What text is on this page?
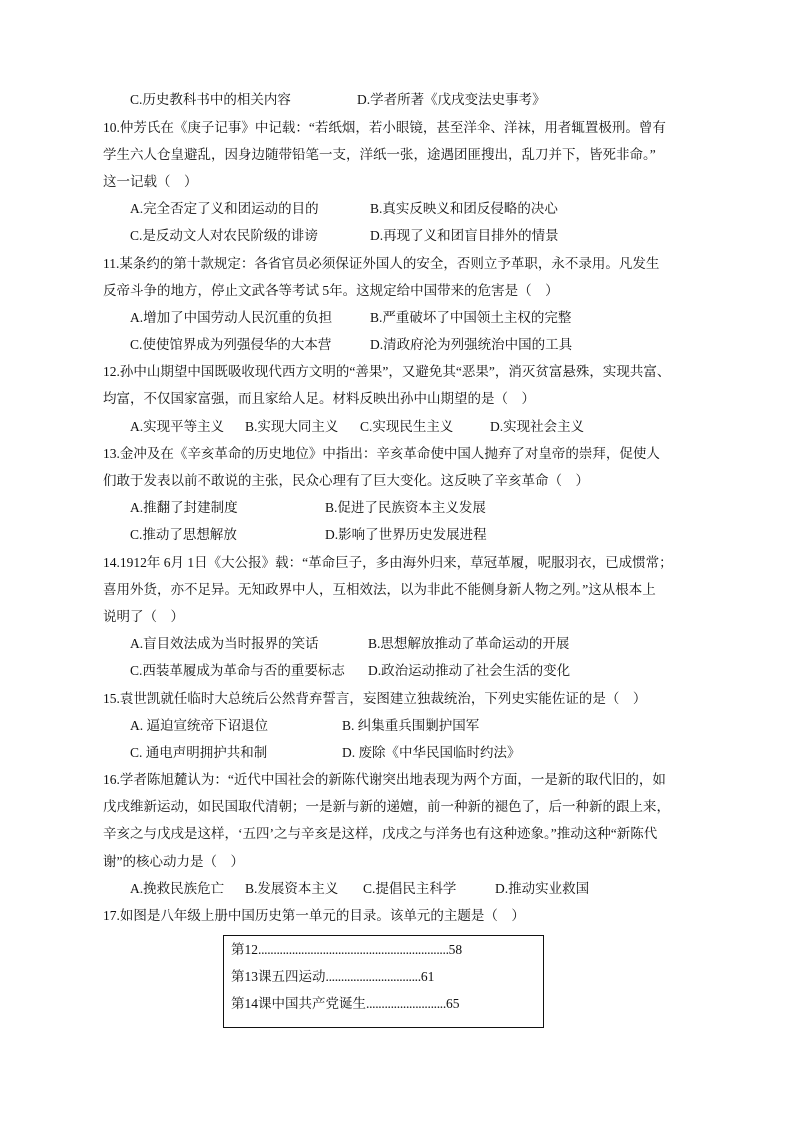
C.历史教科书中的相关内容	D.学者所著《戊戌变法史事考》
10.仲芳氏在《庚子记事》中记载：“若纸烟，若小眼镜，甚至洋伞、洋袜，用者辄置极刑。曾有
学生六人仓皇避乱，因身边随带铅笔一支，洋纸一张，途遇团匪搜出，乱刀并下，皆死非命。”
这一记载（　）
A.完全否定了义和团运动的目的	B.真实反映义和团反侵略的决心
C.是反动文人对农民阶级的诽谤	D.再现了义和团盲目排外的情景
11.某条约的第十款规定：各省官员必须保证外国人的安全，否则立予革职，永不录用。凡发生
反帝斗争的地方，停止文武各等考试 5年。这规定给中国带来的危害是（　）
A.增加了中国劳动人民沉重的负担	B.严重破坏了中国领土主权的完整
C.使使馆界成为列强侵华的大本营	D.清政府沦为列强统治中国的工具
12.孙中山期望中国既吸收现代西方文明的“善果”，又避免其“恶果”，消灭贫富悬殊，实现共富、
均富，不仅国家富强，而且家给人足。材料反映出孙中山期望的是（　）
A.实现平等主义 B.实现大同主义 C.实现民生主义	D.实现社会主义
13.金冲及在《辛亥革命的历史地位》中指出：辛亥革命使中国人抛弃了对皇帝的崇拜，促使人
们敢于发表以前不敢说的主张，民众心理有了巨大变化。这反映了辛亥革命（　）
A.推翻了封建制度	B.促进了民族资本主义发展
C.推动了思想解放	D.影响了世界历史发展进程
14.1912年 6月 1日《大公报》载：“革命巨子，多由海外归来，草冠革履，呢服羽衣，已成惯常；
喜用外货，亦不足异。无知政界中人，互相效法，以为非此不能侧身新人物之列。”这从根本上
说明了（　）
A.盲目效法成为当时报界的笑话	B.思想解放推动了革命运动的开展
C.西装革履成为革命与否的重要标志 D.政治运动推动了社会生活的变化
15.袁世凯就任临时大总统后公然背弃誓言，妄图建立独裁统治，下列史实能佐证的是（　）
A. 逼迫宣统帝下诏退位	B. 纠集重兵围剿护国军
C. 通电声明拥护共和制	D. 废除《中华民国临时约法》
16.学者陈旭麓认为：“近代中国社会的新陈代谢突出地表现为两个方面，一是新的取代旧的，如
戊戌维新运动，如民国取代清朝；一是新与新的递嬗，前一种新的褪色了，后一种新的跟上来，
辛亥之与戊戌是这样，‘五四’之与辛亥是这样，戊戌之与洋务也有这种迹象。”推动这种“新陈代
谢”的核心动力是（　）
A.挽救民族危亡 B.发展资本主义 C.提倡民主科学	D.推动实业救国
17.如图是八年级上册中国历史第一单元的目录。该单元的主题是（　）
第12..............................................................58
第13课五四运动...............................61
第14课中国共产党诞生..........................65
